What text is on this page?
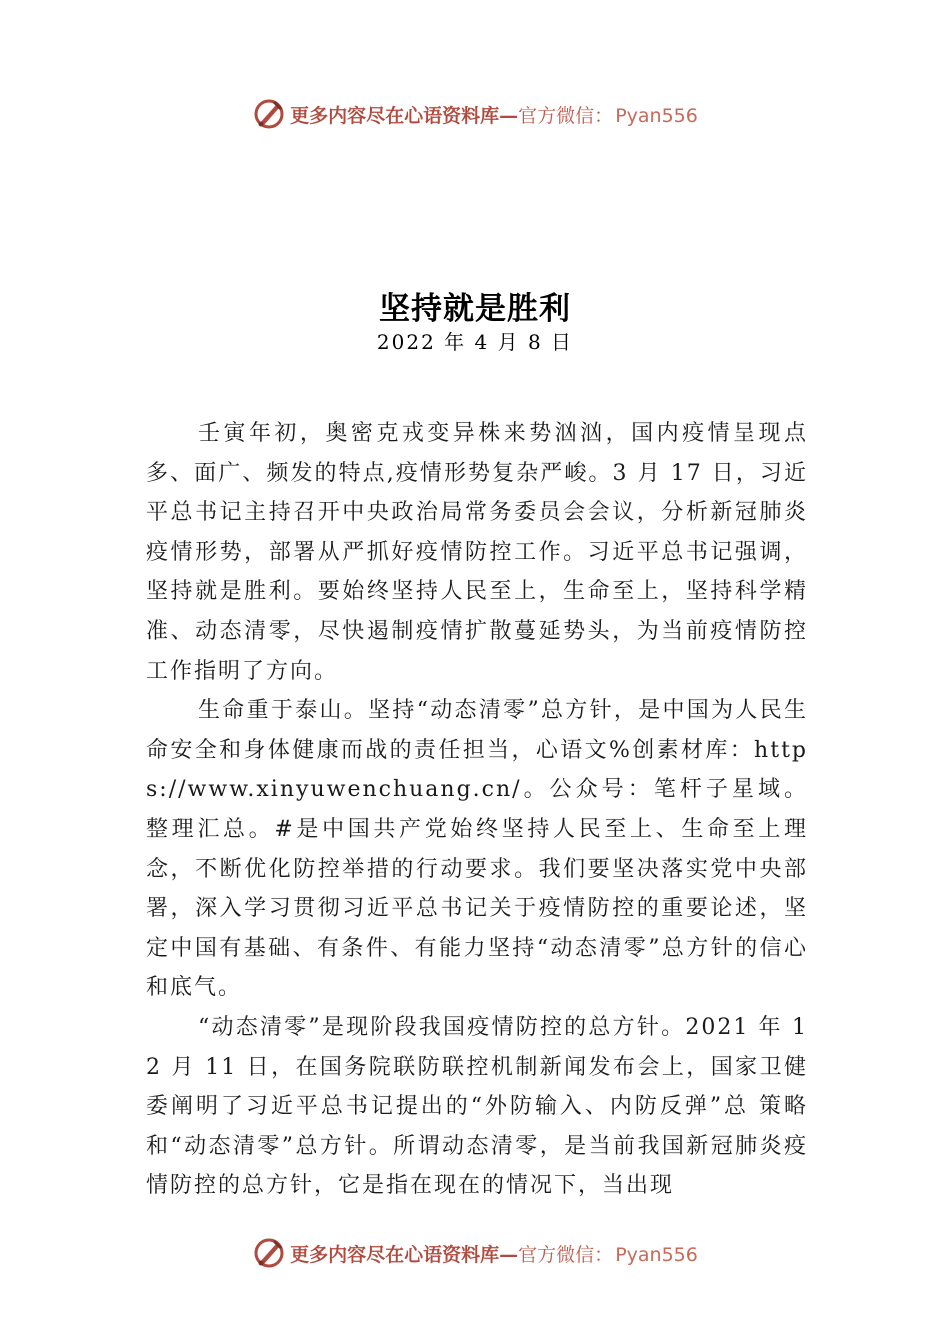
更多内容尽在心语资料库—官方微信： Pyan556
坚持就是胜利
2022 年 4 月 8 日

壬寅年初，奥密克戎变异株来势汹汹，国内疫情呈现点多、面广、频发的特点,疫情形势复杂严峻。3 月 17 日，习近平总书记主持召开中央政治局常务委员会会议，分析新冠肺炎疫情形势，部署从严抓好疫情防控工作。习近平总书记强调，坚持就是胜利。要始终坚持人民至上，生命至上，坚持科学精准、动态清零，尽快遏制疫情扩散蔓延势头，为当前疫情防控工作指明了方向。

生命重于泰山。坚持“动态清零”总方针，是中国为人民生命安全和身体健康而战的责任担当，心语文%创素材库：https://www.xinyuwenchuang.cn/。公众号：笔杆子星域。整理汇总。#是中国共产党始终坚持人民至上、生命至上理念，不断优化防控举措的行动要求。我们要坚决落实党中央部署，深入学习贯彻习近平总书记关于疫情防控的重要论述，坚定中国有基础、有条件、有能力坚持“动态清零”总方针的信心和底气。

“动态清零”是现阶段我国疫情防控的总方针。2021 年 12 月 11 日，在国务院联防联控机制新闻发布会上，国家卫健委阐明了习近平总书记提出的“外防输入、内防反弹”总 策略和“动态清零”总方针。所谓动态清零，是当前我国新冠肺炎疫情防控的总方针，它是指在现在的情况下，当出现

更多内容尽在心语资料库—官方微信： Pyan556
